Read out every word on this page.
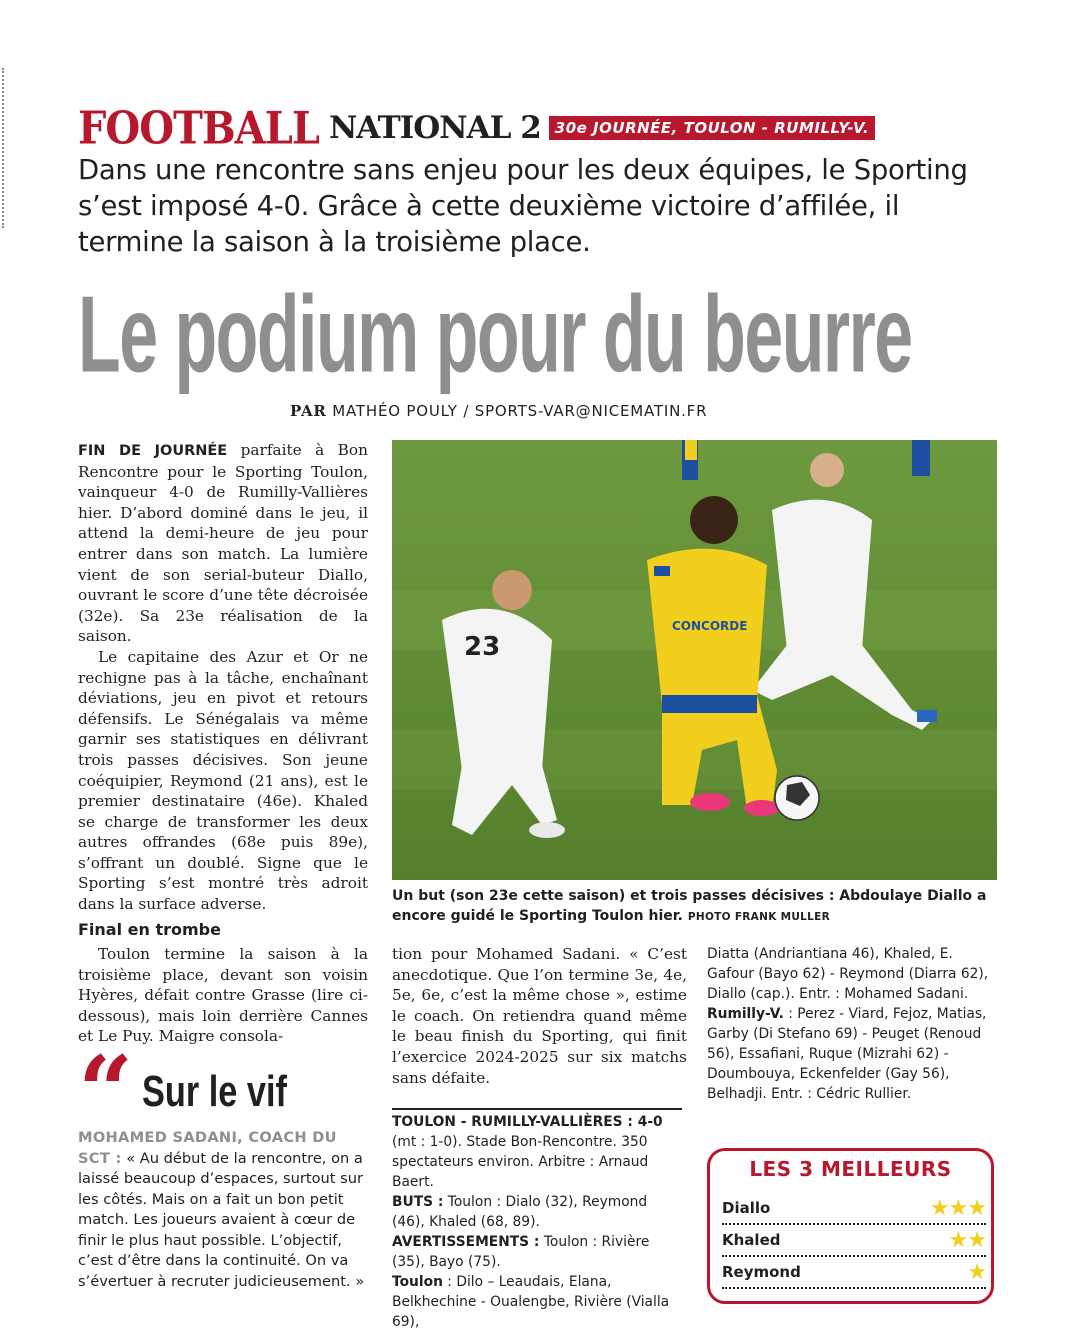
FOOTBALL NATIONAL 2 30e JOURNÉE, TOULON - RUMILLY-V.
Dans une rencontre sans enjeu pour les deux équipes, le Sporting s’est imposé 4-0. Grâce à cette deuxième victoire d’affilée, il termine la saison à la troisième place.
Le podium pour du beurre
PAR MATHÉO POULY / SPORTS-VAR@NICEMATIN.FR

FIN DE JOURNÉE parfaite à Bon Rencontre pour le Sporting Toulon, vainqueur 4-0 de Rumilly-Vallières hier. D’abord dominé dans le jeu, il attend la demi-heure de jeu pour entrer dans son match. La lumière vient de son serial-buteur Diallo, ouvrant le score d’une tête décroisée (32e). Sa 23e réalisation de la saison.

Le capitaine des Azur et Or ne rechigne pas à la tâche, enchaînant déviations, jeu en pivot et retours défensifs. Le Sénégalais va même garnir ses statistiques en délivrant trois passes décisives. Son jeune coéquipier, Reymond (21 ans), est le premier destinataire (46e). Khaled se charge de transformer les deux autres offrandes (68e puis 89e), s’offrant un doublé. Signe que le Sporting s’est montré très adroit dans la surface adverse.

Final en trombe

Toulon termine la saison à la troisième place, devant son voisin Hyères, défait contre Grasse (lire ci-dessous), mais loin derrière Cannes et Le Puy. Maigre consola-

23
CONCORDE
Un but (son 23e cette saison) et trois passes décisives : Abdoulaye Diallo a encore guidé le Sporting Toulon hier. PHOTO FRANK MULLER

tion pour Mohamed Sadani. « C’est anecdotique. Que l’on termine 3e, 4e, 5e, 6e, c’est la même chose », estime le coach. On retiendra quand même le beau finish du Sporting, qui finit l’exercice 2024-2025 sur six matchs sans défaite.

“ Sur le vif
MOHAMED SADANI, COACH DU SCT : « Au début de la rencontre, on a laissé beaucoup d’espaces, surtout sur les côtés. Mais on a fait un bon petit match. Les joueurs avaient à cœur de finir le plus haut possible. L’objectif, c’est d’être dans la continuité. On va s’évertuer à recruter judicieusement. »
TOULON - RUMILLY-VALLIÈRES : 4-0
(mt : 1-0). Stade Bon-Rencontre. 350 spectateurs environ. Arbitre : Arnaud Baert.
BUTS : Toulon : Dialo (32), Reymond (46), Khaled (68, 89).
AVERTISSEMENTS : Toulon : Rivière (35), Bayo (75).
Toulon : Dilo – Leaudais, Elana, Belkhechine - Oualengbe, Rivière (Vialla 69),
Diatta (Andriantiana 46), Khaled, E. Gafour (Bayo 62) - Reymond (Diarra 62), Diallo (cap.). Entr. : Mohamed Sadani.
Rumilly-V. : Perez - Viard, Fejoz, Matias, Garby (Di Stefano 69) - Peuget (Renoud 56), Essafiani, Ruque (Mizrahi 62) - Doumbouya, Eckenfelder (Gay 56), Belhadji. Entr. : Cédric Rullier.
LES 3 MEILLEURS
Diallo	★★★
Khaled	★★
Reymond	★
